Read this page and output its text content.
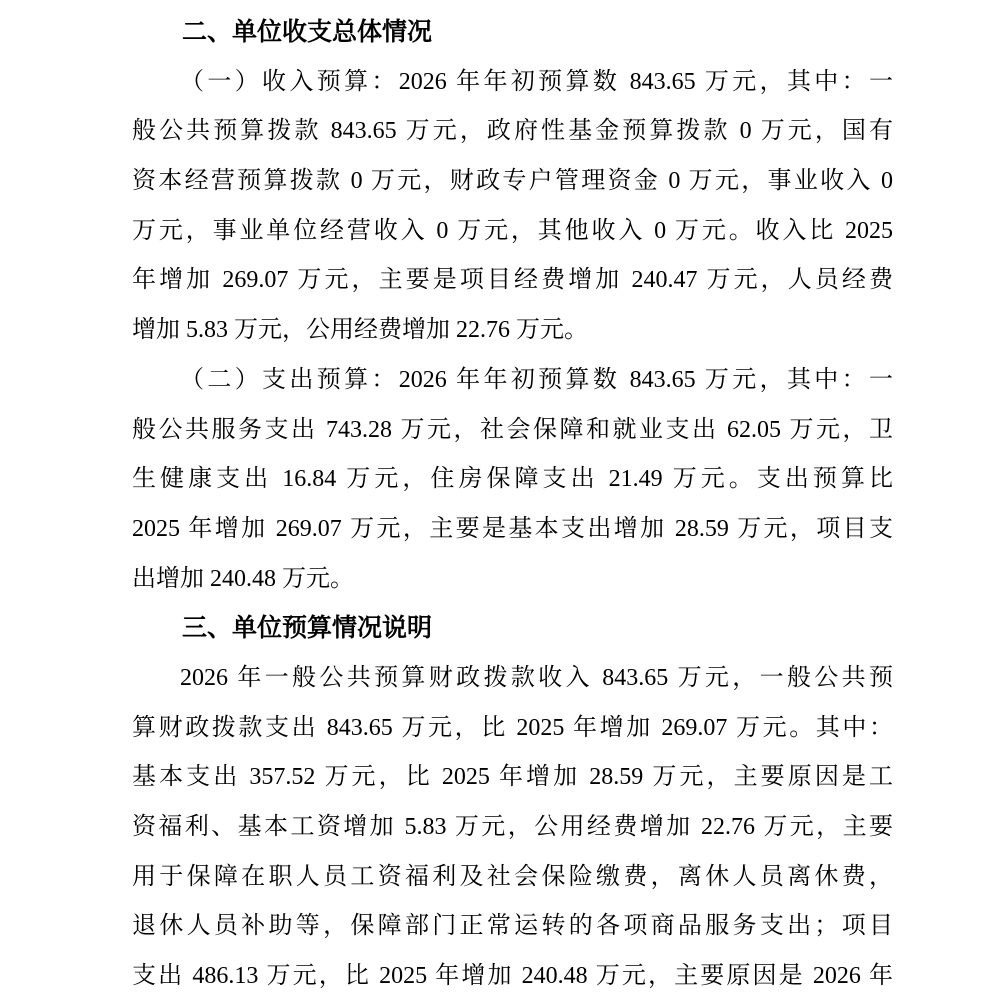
二、单位收支总体情况
（一）收入预算：2026 年年初预算数 843.65 万元，其中：一
般公共预算拨款 843.65 万元，政府性基金预算拨款 0 万元，国有
资本经营预算拨款 0 万元，财政专户管理资金 0 万元，事业收入 0
万元，事业单位经营收入 0 万元，其他收入 0 万元。收入比 2025
年增加 269.07 万元，主要是项目经费增加 240.47 万元，人员经费
增加 5.83 万元，公用经费增加 22.76 万元。
（二）支出预算：2026 年年初预算数 843.65 万元，其中：一
般公共服务支出 743.28 万元，社会保障和就业支出 62.05 万元，卫
生健康支出 16.84 万元，住房保障支出 21.49 万元。支出预算比
2025 年增加 269.07 万元，主要是基本支出增加 28.59 万元，项目支
出增加 240.48 万元。
三、单位预算情况说明
2026 年一般公共预算财政拨款收入 843.65 万元，一般公共预
算财政拨款支出 843.65 万元，比 2025 年增加 269.07 万元。其中：
基本支出 357.52 万元，比 2025 年增加 28.59 万元，主要原因是工
资福利、基本工资增加 5.83 万元，公用经费增加 22.76 万元，主要
用于保障在职人员工资福利及社会保险缴费，离休人员离休费，
退休人员补助等，保障部门正常运转的各项商品服务支出；项目
支出 486.13 万元，比 2025 年增加 240.48 万元，主要原因是 2026 年
